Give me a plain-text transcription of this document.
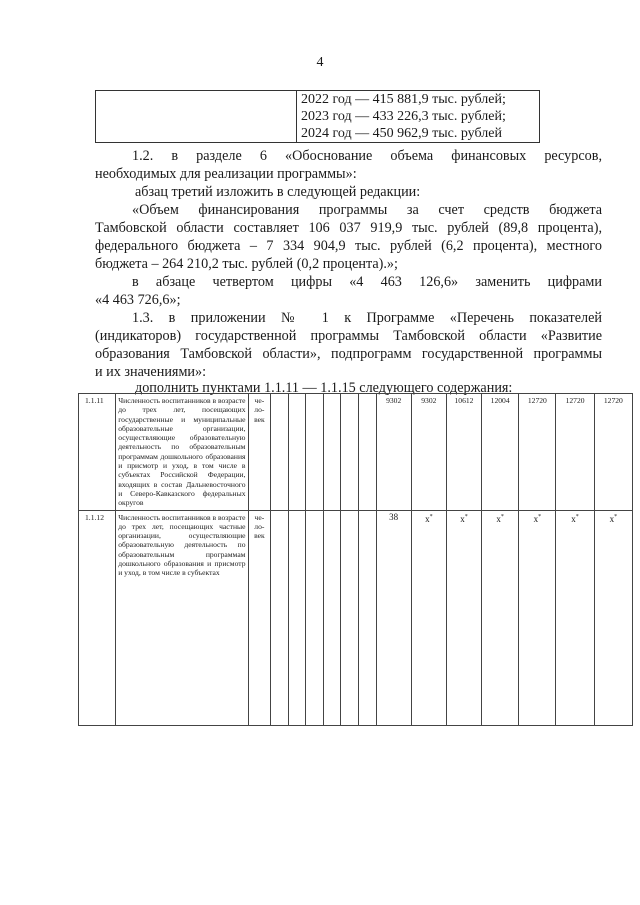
4

2022 год — 415 881,9 тыс. рублей;
2023 год — 433 226,3 тыс. рублей;
2024 год — 450 962,9 тыс. рублей

1.2. в разделе 6 «Обоснование объема финансовых ресурсов,

необходимых для реализации программы»:

абзац третий изложить в следующей редакции:

«Объем финансирования программы за счет средств бюджета

Тамбовской области составляет 106 037 919,9 тыс. рублей (89,8 процента),

федерального бюджета – 7 334 904,9 тыс. рублей (6,2 процента), местного

бюджета – 264 210,2 тыс. рублей (0,2 процента).»;

в абзаце четвертом цифры «4 463 126,6» заменить цифрами

«4 463 726,6»;

1.3. в приложении № 1 к Программе «Перечень показателей

(индикаторов) государственной программы Тамбовской области «Развитие

образования Тамбовской области», подпрограмм государственной программы

и их значениями»:

дополнить пунктами 1.1.11 — 1.1.15 следующего содержания:

1.1.11	Численность воспитанников в возрасте до трех лет, посещающих государственные и муниципальные образовательные организации, осуществляющие образовательную деятельность по образовательным программам дошкольного образования и присмотр и уход, в том числе в субъектах Российской Федерации, входящих в состав Дальневосточного и Северо-Кавказского федеральных округов	че-ло-век							9302	9302	10612	12004	12720	12720	12720
1.1.12	Численность воспитанников в возрасте до трех лет, посещающих частные организации, осуществляющие образовательную деятельность по образовательным программам дошкольного образования и присмотр и уход, в том числе в субъектах	че-ло-век							38	х*	х*	х*	х*	х*	х*
